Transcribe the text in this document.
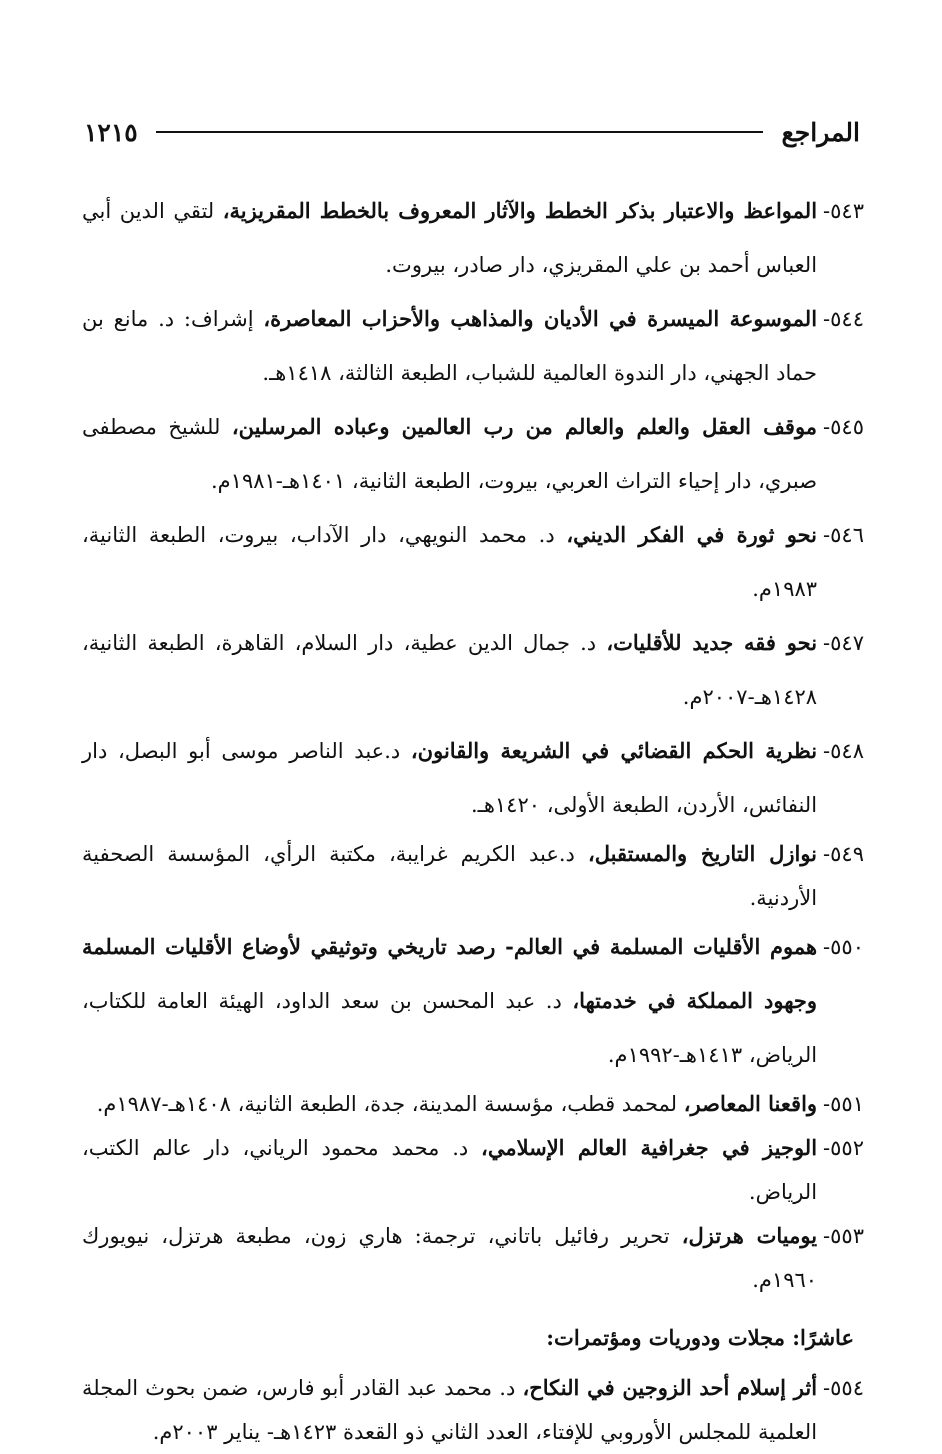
المراجع
١٢١٥
٥٤٣-
المواعظ والاعتبار بذكر الخطط والآثار المعروف بالخطط المقريزية، لتقي الدين أبي العباس أحمد بن علي المقريزي، دار صادر، بيروت.
٥٤٤-
الموسوعة الميسرة في الأديان والمذاهب والأحزاب المعاصرة، إشراف: د. مانع بن حماد الجهني، دار الندوة العالمية للشباب، الطبعة الثالثة، ١٤١٨هـ.
٥٤٥-
موقف العقل والعلم والعالم من رب العالمين وعباده المرسلين، للشيخ مصطفى صبري، دار إحياء التراث العربي، بيروت، الطبعة الثانية، ١٤٠١هـ-١٩٨١م.
٥٤٦-
نحو ثورة في الفكر الديني، د. محمد النويهي، دار الآداب، بيروت، الطبعة الثانية، ١٩٨٣م.
٥٤٧-
نحو فقه جديد للأقليات، د. جمال الدين عطية، دار السلام، القاهرة، الطبعة الثانية، ١٤٢٨هـ-٢٠٠٧م.
٥٤٨-
نظرية الحكم القضائي في الشريعة والقانون، د.عبد الناصر موسى أبو البصل، دار النفائس، الأردن، الطبعة الأولى، ١٤٢٠هـ.
٥٤٩-
نوازل التاريخ والمستقبل، د.عبد الكريم غرايبة، مكتبة الرأي، المؤسسة الصحفية الأردنية.
٥٥٠-
هموم الأقليات المسلمة في العالم- رصد تاريخي وتوثيقي لأوضاع الأقليات المسلمة وجهود المملكة في خدمتها، د. عبد المحسن بن سعد الداود، الهيئة العامة للكتاب، الرياض، ١٤١٣هـ-١٩٩٢م.
٥٥١-
واقعنا المعاصر، لمحمد قطب، مؤسسة المدينة، جدة، الطبعة الثانية، ١٤٠٨هـ-١٩٨٧م.
٥٥٢-
الوجيز في جغرافية العالم الإسلامي، د. محمد محمود الرياني، دار عالم الكتب، الرياض.
٥٥٣-
يوميات هرتزل، تحرير رفائيل باتاني، ترجمة: هاري زون، مطبعة هرتزل، نيويورك ١٩٦٠م.
عاشرًا: مجلات ودوريات ومؤتمرات:
٥٥٤-
أثر إسلام أحد الزوجين في النكاح، د. محمد عبد القادر أبو فارس، ضمن بحوث المجلة العلمية للمجلس الأوروبي للإفتاء، العدد الثاني ذو القعدة ١٤٢٣هـ- يناير ٢٠٠٣م.
